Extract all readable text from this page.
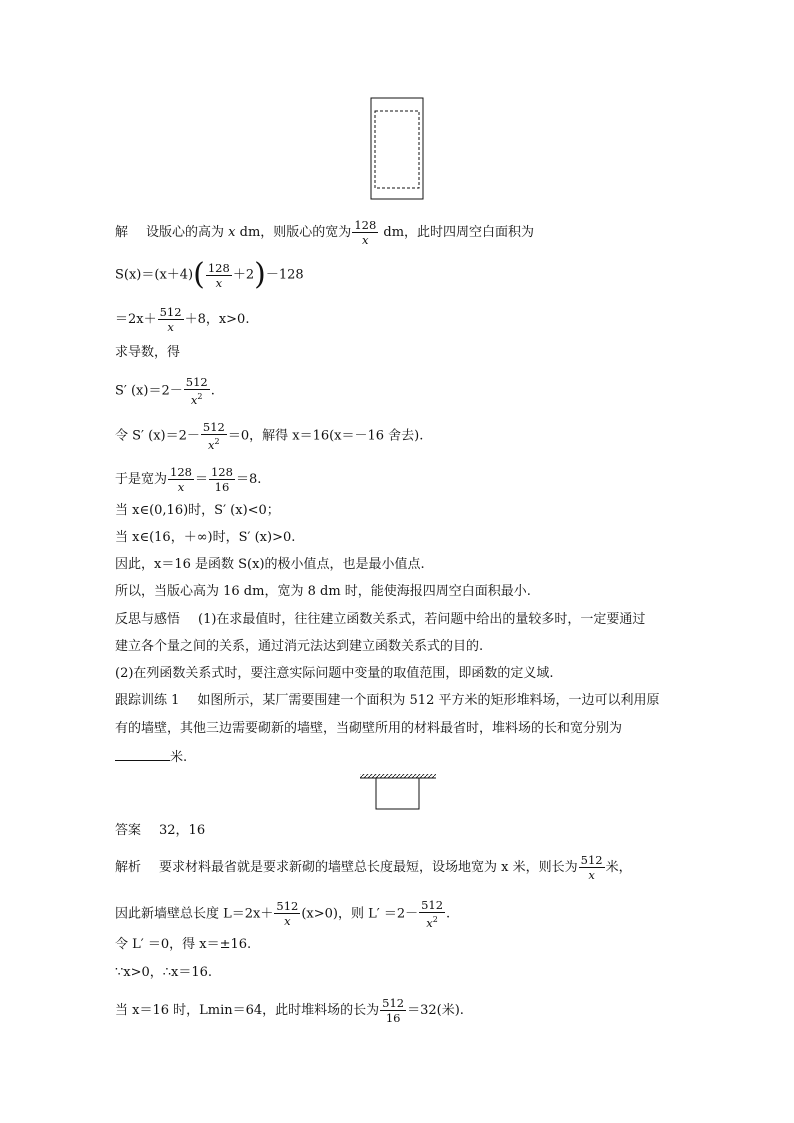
解 设版心的高为 x dm，则版心的宽为 $\frac{128}{x}$ dm，此时四周空白面积为
$S(x)=(x+4)( \frac{128}{x} +2)-128$
$=2x+ \frac{512}{x} +8$，x>0.
求导数，得
S′ $(x)=2- \frac{512}{x^2}$ .
令 S′ $(x)=2- \frac{512}{x^2} =0$，解得 x＝16(x＝－16 舍去).
于是宽为 $\frac{128}{x} = \frac{128}{16} =8$.
当 x∈(0,16)时，S′ (x)<0；
当 x∈(16，＋∞)时，S′ (x)>0.
因此，x＝16 是函数 S(x)的极小值点，也是最小值点.
所以，当版心高为 16 dm，宽为 8 dm 时，能使海报四周空白面积最小.
反思与感悟 (1)在求最值时，往往建立函数关系式，若问题中给出的量较多时，一定要通过
建立各个量之间的关系，通过消元法达到建立函数关系式的目的.
(2)在列函数关系式时，要注意实际问题中变量的取值范围，即函数的定义域.
跟踪训练 1 如图所示，某厂需要围建一个面积为 512 平方米的矩形堆料场，一边可以利用原
有的墙壁，其他三边需要砌新的墙壁，当砌壁所用的材料最省时，堆料场的长和宽分别为
米.
答案 32，16
解析 要求材料最省就是要求新砌的墙壁总长度最短，设场地宽为 x 米，则长为 $\frac{512}{x}$ 米，
因此新墙壁总长度 $L=2x+ \frac{512}{x} (x>0)$，则 $L' =2- \frac{512}{x^2}$ .
令 L′ ＝0，得 x＝±16.
∵x>0，∴x＝16.
当 x＝16 时，Lmin＝64，此时堆料场的长为 $\frac{512}{16} =32$(米).
